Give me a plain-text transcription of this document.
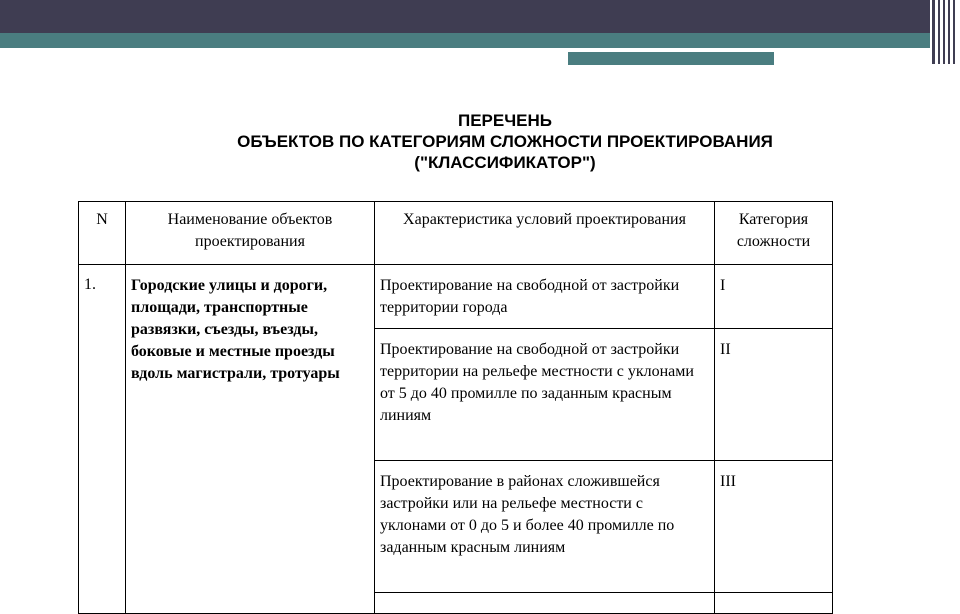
ПЕРЕЧЕНЬ
ОБЪЕКТОВ ПО КАТЕГОРИЯМ СЛОЖНОСТИ ПРОЕКТИРОВАНИЯ
("КЛАССИФИКАТОР")
N	Наименование объектов проектирования	Характеристика условий проектирования	Категория сложности
1.	Городские улицы и дороги, площади, транспортные развязки, съезды, въезды, боковые и местные проезды вдоль магистрали, тротуары	Проектирование на свободной от застройки территории города	I
		Проектирование на свободной от застройки территории на рельефе местности с уклонами от 5 до 40 промилле по заданным красным линиям	II
		Проектирование в районах сложившейся застройки или на рельефе местности с уклонами от 0 до 5 и более 40 промилле по заданным красным линиям	III
